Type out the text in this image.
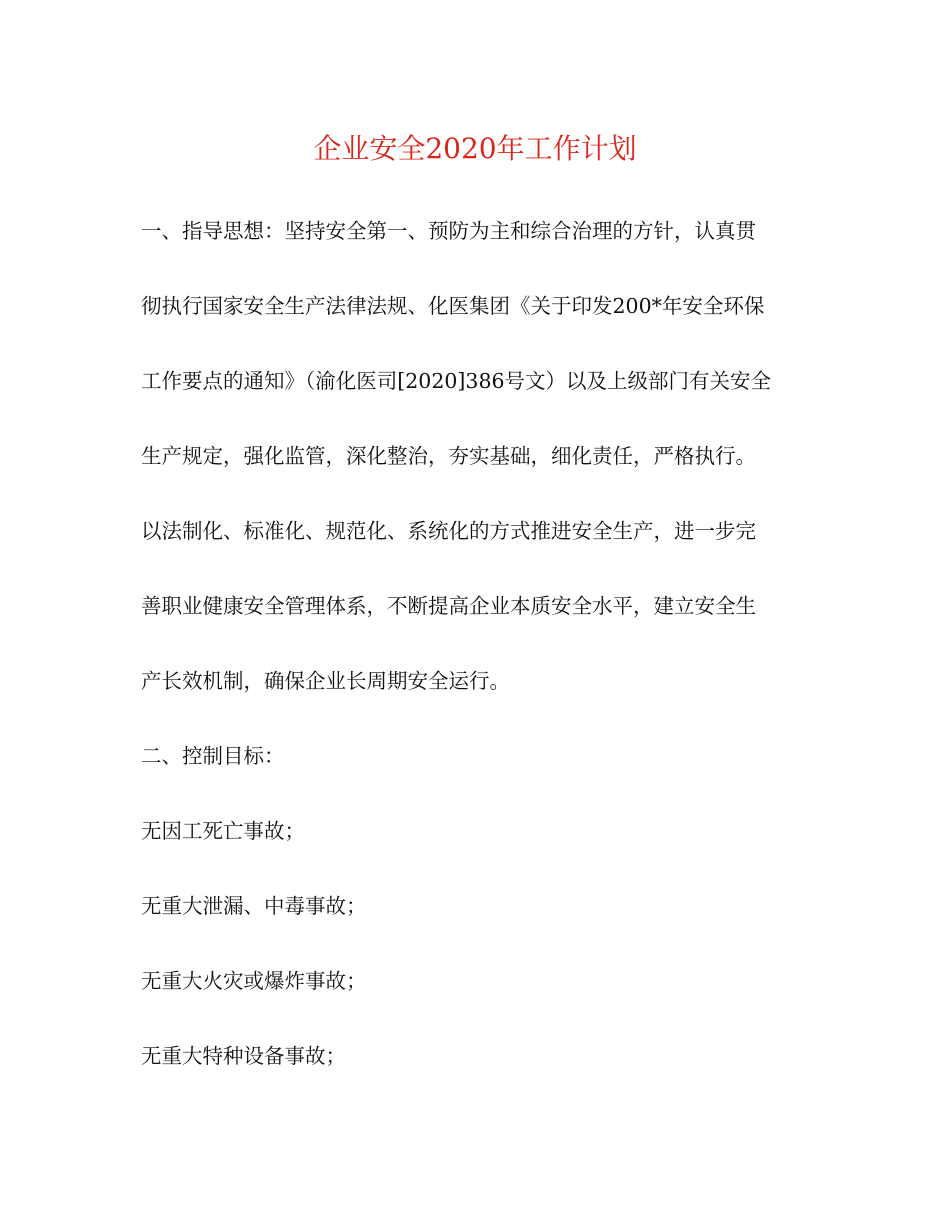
企业安全2020年工作计划

一、指导思想：坚持安全第一、预防为主和综合治理的方针，认真贯

彻执行国家安全生产法律法规、化医集团《关于印发200*年安全环保

工作要点的通知》（渝化医司[2020]386号文）以及上级部门有关安全

生产规定，强化监管，深化整治，夯实基础，细化责任，严格执行。

以法制化、标准化、规范化、系统化的方式推进安全生产，进一步完

善职业健康安全管理体系，不断提高企业本质安全水平，建立安全生

产长效机制，确保企业长周期安全运行。

二、控制目标：

无因工死亡事故；

无重大泄漏、中毒事故；

无重大火灾或爆炸事故；

无重大特种设备事故；
